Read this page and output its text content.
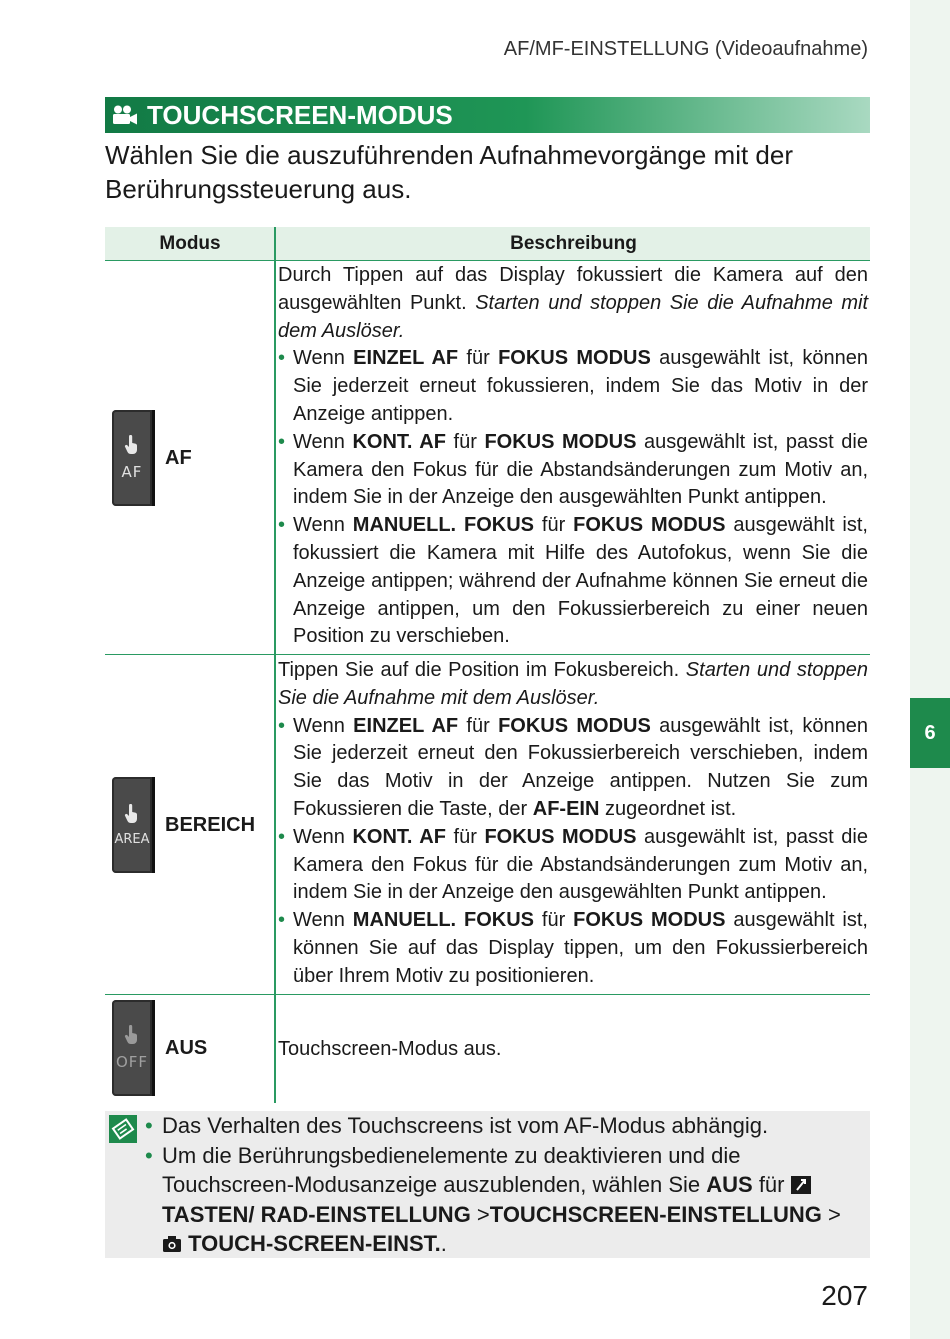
6
AF/MF-EINSTELLUNG (Videoaufnahme)
TOUCHSCREEN-MODUS
Wählen Sie die auszuführenden Aufnahmevorgänge mit der Berührungssteuerung aus.
Modus	Beschreibung
AF
AF

Durch Tippen auf das Display fokussiert die Kamera auf den ausgewählten Punkt. Starten und stoppen Sie die Aufnahme mit dem Auslöser.

• Wenn EINZEL AF für FOKUS MODUS ausgewählt ist, können Sie jederzeit erneut fokussieren, indem Sie das Motiv in der Anzeige antippen.
• Wenn KONT. AF für FOKUS MODUS ausgewählt ist, passt die Kamera den Fokus für die Abstandsänderungen zum Motiv an, indem Sie in der Anzeige den ausgewählten Punkt antippen.
• Wenn MANUELL. FOKUS für FOKUS MODUS ausgewählt ist, fokussiert die Kamera mit Hilfe des Autofokus, wenn Sie die Anzeige antippen; während der Aufnahme können Sie erneut die Anzeige antippen, um den Fokussierbereich zu einer neuen Position zu verschieben.
AREA
BEREICH

Tippen Sie auf die Position im Fokusbereich. Starten und stoppen Sie die Aufnahme mit dem Auslöser.

• Wenn EINZEL AF für FOKUS MODUS ausgewählt ist, können Sie jederzeit erneut den Fokussierbereich verschieben, indem Sie das Motiv in der Anzeige antippen. Nutzen Sie zum Fokussieren die Taste, der AF-EIN zugeordnet ist.
• Wenn KONT. AF für FOKUS MODUS ausgewählt ist, passt die Kamera den Fokus für die Abstandsänderungen zum Motiv an, indem Sie in der Anzeige den ausgewählten Punkt antippen.
• Wenn MANUELL. FOKUS für FOKUS MODUS ausgewählt ist, können Sie auf das Display tippen, um den Fokussierbereich über Ihrem Motiv zu positionieren.
OFF
AUS	Touchscreen-Modus aus.

• Das Verhalten des Touchscreens ist vom AF-Modus abhängig.
• Um die Berührungsbedienelemente zu deaktivieren und die Touchscreen-Modusanzeige auszublenden, wählen Sie AUS für  TASTEN/ RAD-EINSTELLUNG >TOUCHSCREEN-EINSTELLUNG >  TOUCH-SCREEN-EINST..
207
